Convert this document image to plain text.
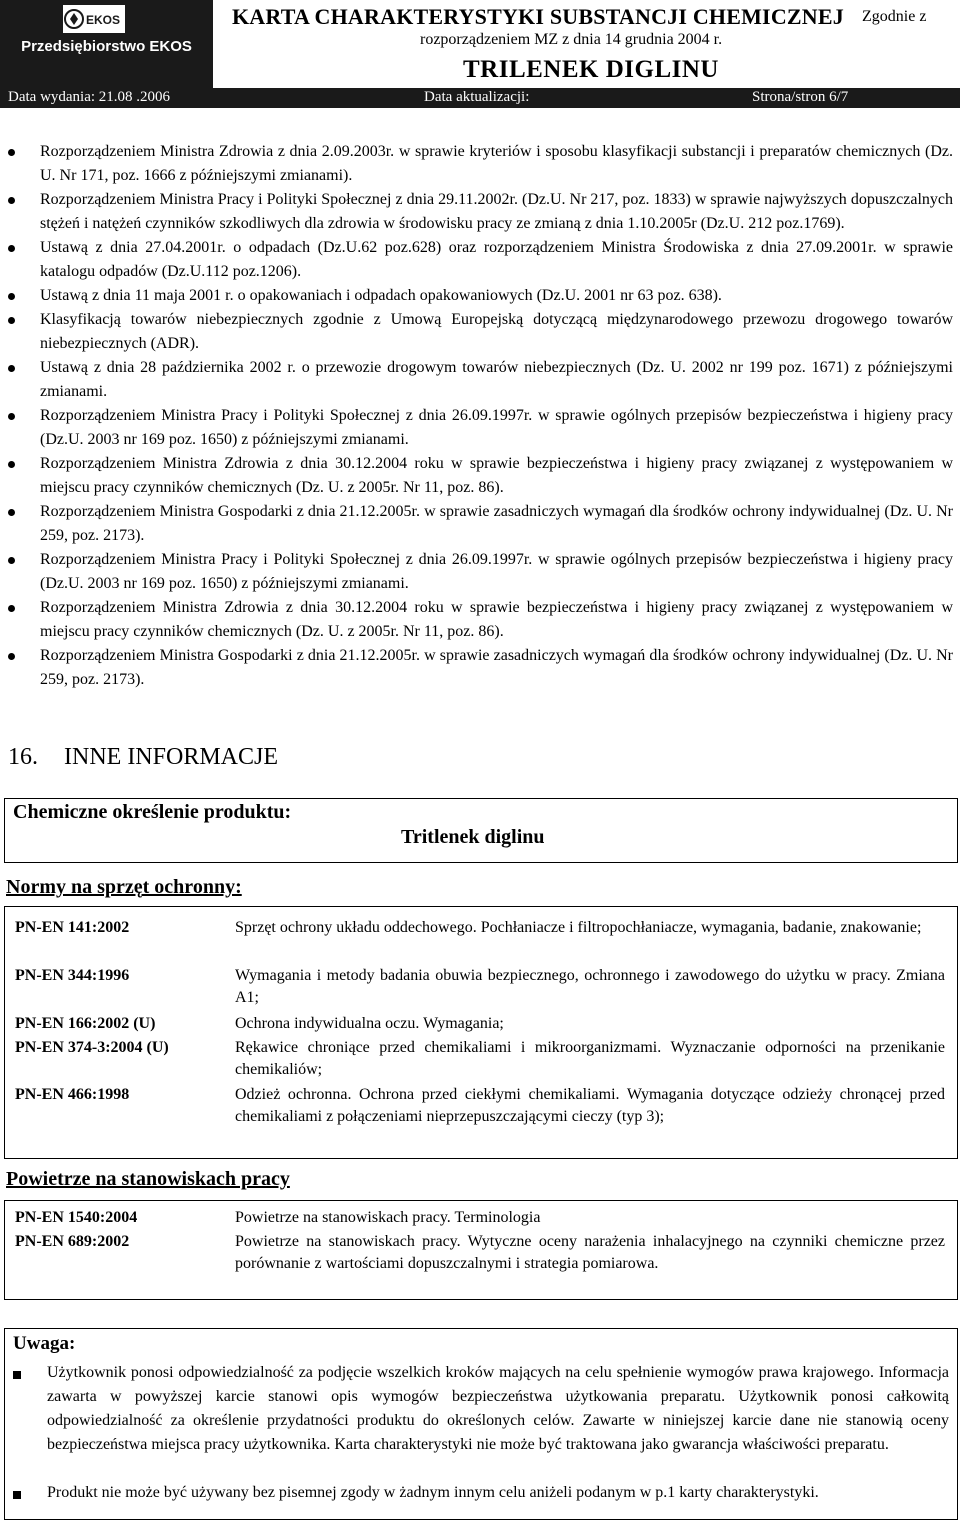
EKOS
Przedsiębiorstwo EKOS
KARTA CHARAKTERYSTYKI SUBSTANCJI CHEMICZNEJ Zgodnie z
rozporządzeniem MZ z dnia 14 grudnia 2004 r.
TRILENEK DIGLINU
Data wydania: 21.08 .2006	Data aktualizacji:	Strona/stron 6/7
Rozporządzeniem Ministra Zdrowia z dnia 2.09.2003r. w sprawie kryteriów i sposobu klasyfikacji substancji i preparatów chemicznych (Dz. U. Nr 171, poz. 1666 z późniejszymi zmianami).
Rozporządzeniem Ministra Pracy i Polityki Społecznej z dnia 29.11.2002r. (Dz.U. Nr 217, poz. 1833) w sprawie najwyższych dopuszczalnych stężeń i natężeń czynników szkodliwych dla zdrowia w środowisku pracy ze zmianą z dnia 1.10.2005r (Dz.U. 212 poz.1769).
Ustawą z dnia 27.04.2001r. o odpadach (Dz.U.62 poz.628) oraz rozporządzeniem Ministra Środowiska z dnia 27.09.2001r. w sprawie katalogu odpadów (Dz.U.112 poz.1206).
Ustawą z dnia 11 maja 2001 r. o opakowaniach i odpadach opakowaniowych (Dz.U. 2001 nr 63 poz. 638).
Klasyfikacją towarów niebezpiecznych zgodnie z Umową Europejską dotyczącą międzynarodowego przewozu drogowego towarów niebezpiecznych (ADR).
Ustawą z dnia 28 października 2002 r. o przewozie drogowym towarów niebezpiecznych (Dz. U. 2002 nr 199 poz. 1671) z późniejszymi zmianami.
Rozporządzeniem Ministra Pracy i Polityki Społecznej z dnia 26.09.1997r. w sprawie ogólnych przepisów bezpieczeństwa i higieny pracy (Dz.U. 2003 nr 169 poz. 1650) z późniejszymi zmianami.
Rozporządzeniem Ministra Zdrowia z dnia 30.12.2004 roku w sprawie bezpieczeństwa i higieny pracy związanej z występowaniem w miejscu pracy czynników chemicznych (Dz. U. z 2005r. Nr 11, poz. 86).
Rozporządzeniem Ministra Gospodarki z dnia 21.12.2005r. w sprawie zasadniczych wymagań dla środków ochrony indywidualnej (Dz. U. Nr 259, poz. 2173).
Rozporządzeniem Ministra Pracy i Polityki Społecznej z dnia 26.09.1997r. w sprawie ogólnych przepisów bezpieczeństwa i higieny pracy (Dz.U. 2003 nr 169 poz. 1650) z późniejszymi zmianami.
Rozporządzeniem Ministra Zdrowia z dnia 30.12.2004 roku w sprawie bezpieczeństwa i higieny pracy związanej z występowaniem w miejscu pracy czynników chemicznych (Dz. U. z 2005r. Nr 11, poz. 86).
Rozporządzeniem Ministra Gospodarki z dnia 21.12.2005r. w sprawie zasadniczych wymagań dla środków ochrony indywidualnej (Dz. U. Nr 259, poz. 2173).
16. INNE INFORMACJE
Chemiczne określenie produktu:
Tritlenek diglinu
Normy na sprzęt ochronny:
PN-EN 141:2002	Sprzęt ochrony układu oddechowego. Pochłaniacze i filtropochłaniacze, wymagania, badanie, znakowanie;
PN-EN 344:1996	Wymagania i metody badania obuwia bezpiecznego, ochronnego i zawodowego do użytku w pracy. Zmiana A1;
PN-EN 166:2002 (U)	Ochrona indywidualna oczu. Wymagania;
PN-EN 374-3:2004 (U)	Rękawice chroniące przed chemikaliami i mikroorganizmami. Wyznaczanie odporności na przenikanie chemikaliów;
PN-EN 466:1998	Odzież ochronna. Ochrona przed ciekłymi chemikaliami. Wymagania dotyczące odzieży chronącej przed chemikaliami z połączeniami nieprzepuszczającymi cieczy (typ 3);
Powietrze na stanowiskach pracy
PN-EN 1540:2004	Powietrze na stanowiskach pracy. Terminologia
PN-EN 689:2002	Powietrze na stanowiskach pracy. Wytyczne oceny narażenia inhalacyjnego na czynniki chemiczne przez porównanie z wartościami dopuszczalnymi i strategia pomiarowa.
Uwaga:
Użytkownik ponosi odpowiedzialność za podjęcie wszelkich kroków mających na celu spełnienie wymogów prawa krajowego. Informacja zawarta w powyższej karcie stanowi opis wymogów bezpieczeństwa użytkowania preparatu. Użytkownik ponosi całkowitą odpowiedzialność za określenie przydatności produktu do określonych celów. Zawarte w niniejszej karcie dane nie stanowią oceny bezpieczeństwa miejsca pracy użytkownika. Karta charakterystyki nie może być traktowana jako gwarancja właściwości preparatu.
Produkt nie może być używany bez pisemnej zgody w żadnym innym celu aniżeli podanym w p.1 karty charakterystyki.
